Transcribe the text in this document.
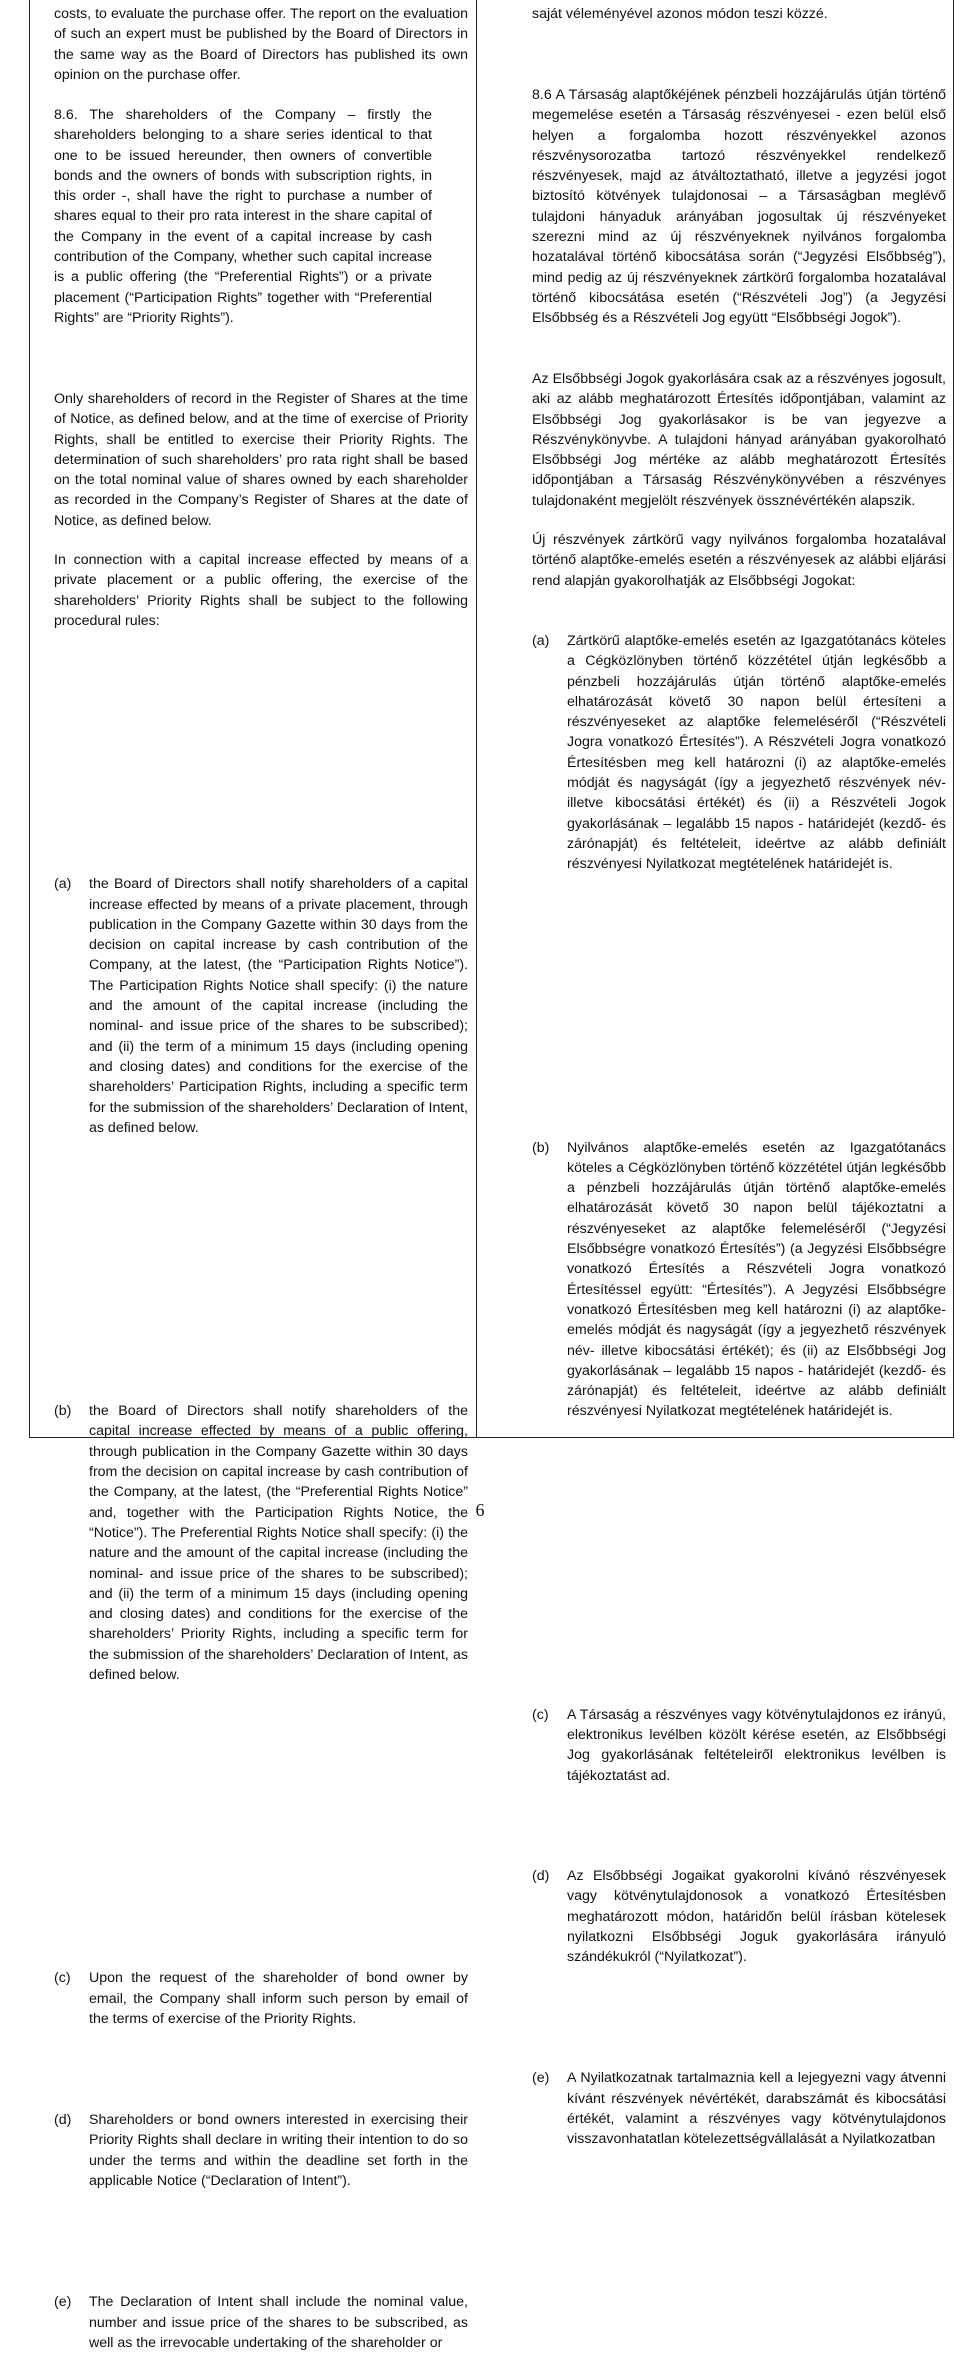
costs, to evaluate the purchase offer. The report on the evaluation of such an expert must be published by the Board of Directors in the same way as the Board of Directors has published its own opinion on the purchase offer.

8.6. The shareholders of the Company – firstly the shareholders belonging to a share series identical to that one to be issued hereunder, then owners of convertible bonds and the owners of bonds with subscription rights, in this order -, shall have the right to purchase a number of shares equal to their pro rata interest in the share capital of the Company in the event of a capital increase by cash contribution of the Company, whether such capital increase is a public offering (the “Preferential Rights”) or a private placement (“Participation Rights” together with “Preferential Rights” are “Priority Rights”).

Only shareholders of record in the Register of Shares at the time of Notice, as defined below, and at the time of exercise of Priority Rights, shall be entitled to exercise their Priority Rights. The determination of such shareholders’ pro rata right shall be based on the total nominal value of shares owned by each shareholder as recorded in the Company’s Register of Shares at the date of Notice, as defined below.

In connection with a capital increase effected by means of a private placement or a public offering, the exercise of the shareholders’ Priority Rights shall be subject to the following procedural rules:

(a) the Board of Directors shall notify shareholders of a capital increase effected by means of a private placement, through publication in the Company Gazette within 30 days from the decision on capital increase by cash contribution of the Company, at the latest, (the “Participation Rights Notice”). The Participation Rights Notice shall specify: (i) the nature and the amount of the capital increase (including the nominal- and issue price of the shares to be subscribed); and (ii) the term of a minimum 15 days (including opening and closing dates) and conditions for the exercise of the shareholders’ Participation Rights, including a specific term for the submission of the shareholders’ Declaration of Intent, as defined below.
(b) the Board of Directors shall notify shareholders of the capital increase effected by means of a public offering, through publication in the Company Gazette within 30 days from the decision on capital increase by cash contribution of the Company, at the latest, (the “Preferential Rights Notice” and, together with the Participation Rights Notice, the “Notice”). The Preferential Rights Notice shall specify: (i) the nature and the amount of the capital increase (including the nominal- and issue price of the shares to be subscribed); and (ii) the term of a minimum 15 days (including opening and closing dates) and conditions for the exercise of the shareholders’ Priority Rights, including a specific term for the submission of the shareholders’ Declaration of Intent, as defined below.
(c) Upon the request of the shareholder of bond owner by email, the Company shall inform such person by email of the terms of exercise of the Priority Rights.
(d) Shareholders or bond owners interested in exercising their Priority Rights shall declare in writing their intention to do so under the terms and within the deadline set forth in the applicable Notice (“Declaration of Intent”).
(e) The Declaration of Intent shall include the nominal value, number and issue price of the shares to be subscribed, as well as the irrevocable undertaking of the shareholder or

saját véleményével azonos módon teszi közzé.

8.6 A Társaság alaptőkéjének pénzbeli hozzájárulás útján történő megemelése esetén a Társaság részvényesei - ezen belül első helyen a forgalomba hozott részvényekkel azonos részvénysorozatba tartozó részvényekkel rendelkező részvényesek, majd az átváltoztatható, illetve a jegyzési jogot biztosító kötvények tulajdonosai – a Társaságban meglévő tulajdoni hányaduk arányában jogosultak új részvényeket szerezni mind az új részvényeknek nyilvános forgalomba hozatalával történő kibocsátása során (“Jegyzési Elsőbbség”), mind pedig az új részvényeknek zártkörű forgalomba hozatalával történő kibocsátása esetén (“Részvételi Jog”) (a Jegyzési Elsőbbség és a Részvételi Jog együtt “Elsőbbségi Jogok”).

Az Elsőbbségi Jogok gyakorlására csak az a részvényes jogosult, aki az alább meghatározott Értesítés időpontjában, valamint az Elsőbbségi Jog gyakorlásakor is be van jegyezve a Részvénykönyvbe. A tulajdoni hányad arányában gyakorolható Elsőbbségi Jog mértéke az alább meghatározott Értesítés időpontjában a Társaság Részvénykönyvében a részvényes tulajdonaként megjelölt részvények össznévértékén alapszik.

Új részvények zártkörű vagy nyilvános forgalomba hozatalával történő alaptőke-emelés esetén a részvényesek az alábbi eljárási rend alapján gyakorolhatják az Elsőbbségi Jogokat:

(a) Zártkörű alaptőke-emelés esetén az Igazgatótanács köteles a Cégközlönyben történő közzététel útján legkésőbb a pénzbeli hozzájárulás útján történő alaptőke-emelés elhatározását követő 30 napon belül értesíteni a részvényeseket az alaptőke felemeléséről (“Részvételi Jogra vonatkozó Értesítés”). A Részvételi Jogra vonatkozó Értesítésben meg kell határozni (i) az alaptőke-emelés módját és nagyságát (így a jegyezhető részvények név- illetve kibocsátási értékét) és (ii) a Részvételi Jogok gyakorlásának – legalább 15 napos - határidejét (kezdő- és zárónapját) és feltételeit, ideértve az alább definiált részvényesi Nyilatkozat megtételének határidejét is.
(b) Nyilvános alaptőke-emelés esetén az Igazgatótanács köteles a Cégközlönyben történő közzététel útján legkésőbb a pénzbeli hozzájárulás útján történő alaptőke-emelés elhatározását követő 30 napon belül tájékoztatni a részvényeseket az alaptőke felemeléséről (“Jegyzési Elsőbbségre vonatkozó Értesítés”) (a Jegyzési Elsőbbségre vonatkozó Értesítés a Részvételi Jogra vonatkozó Értesítéssel együtt: “Értesítés”). A Jegyzési Elsőbbségre vonatkozó Értesítésben meg kell határozni (i) az alaptőke-emelés módját és nagyságát (így a jegyezhető részvények név- illetve kibocsátási értékét); és (ii) az Elsőbbségi Jog gyakorlásának – legalább 15 napos - határidejét (kezdő- és zárónapját) és feltételeit, ideértve az alább definiált részvényesi Nyilatkozat megtételének határidejét is.
(c) A Társaság a részvényes vagy kötvénytulajdonos ez irányú, elektronikus levélben közölt kérése esetén, az Elsőbbségi Jog gyakorlásának feltételeiről elektronikus levélben is tájékoztatást ad.
(d) Az Elsőbbségi Jogaikat gyakorolni kívánó részvényesek vagy kötvénytulajdonosok a vonatkozó Értesítésben meghatározott módon, határidőn belül írásban kötelesek nyilatkozni Elsőbbségi Joguk gyakorlására irányuló szándékukról (“Nyilatkozat”).
(e) A Nyilatkozatnak tartalmaznia kell a lejegyezni vagy átvenni kívánt részvények névértékét, darabszámát és kibocsátási értékét, valamint a részvényes vagy kötvénytulajdonos visszavonhatatlan kötelezettségvállalását a Nyilatkozatban
6
